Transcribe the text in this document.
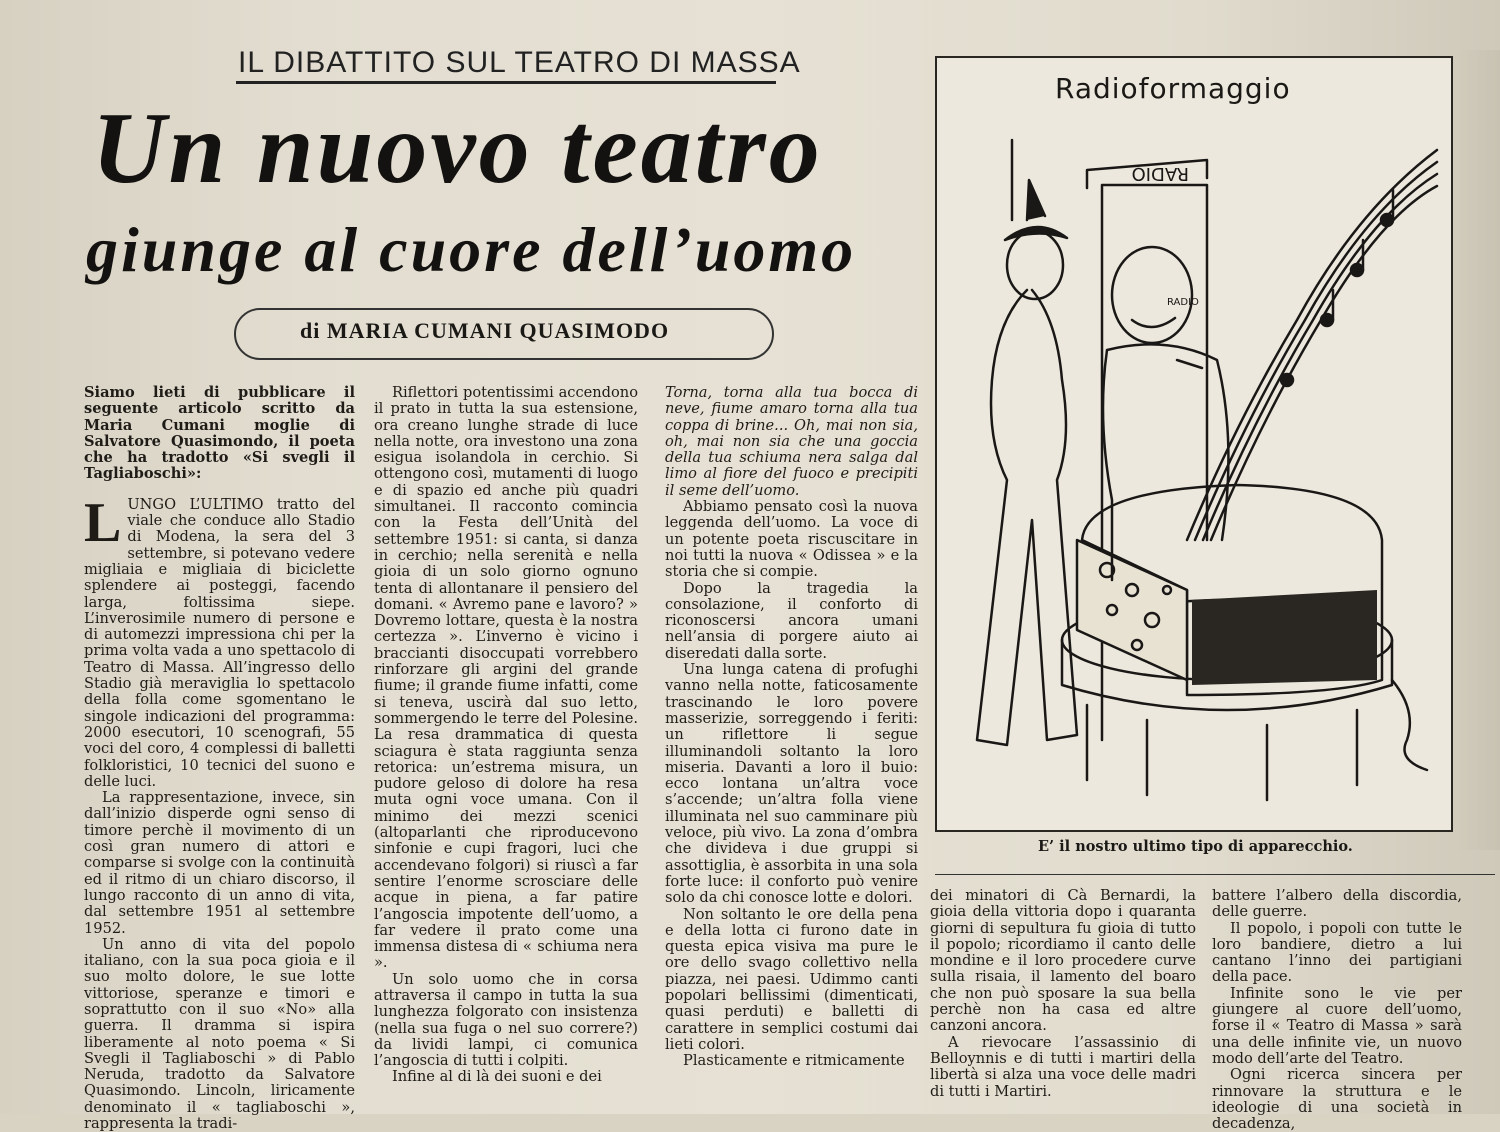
IL DIBATTITO SUL TEATRO DI MASSA
Un nuovo teatro
giunge al cuore dell’uomo
di MARIA CUMANI QUASIMODO

Siamo lieti di pubblicare il seguente articolo scritto da Maria Cumani moglie di Salvatore Quasimondo, il poeta che ha tradotto «Si svegli il Tagliaboschi»:

LUNGO L’ULTIMO tratto del viale che conduce allo Stadio di Modena, la sera del 3 settembre, si potevano vedere migliaia e migliaia di biciclette splendere ai posteggi, facendo larga, foltissima siepe. L’inverosimile numero di persone e di automezzi impressiona chi per la prima volta vada a uno spettacolo di Teatro di Massa. All’ingresso dello Stadio già meraviglia lo spettacolo della folla come sgomentano le singole indicazioni del programma: 2000 esecutori, 10 scenografi, 55 voci del coro, 4 complessi di balletti folkloristici, 10 tecnici del suono e delle luci.

La rappresentazione, invece, sin dall’inizio disperde ogni senso di timore perchè il movimento di un così gran numero di attori e comparse si svolge con la continuità ed il ritmo di un chiaro discorso, il lungo racconto di un anno di vita, dal settembre 1951 al settembre 1952.

Un anno di vita del popolo italiano, con la sua poca gioia e il suo molto dolore, le sue lotte vittoriose, speranze e timori e soprattutto con il suo «No» alla guerra. Il dramma si ispira liberamente al noto poema « Si Svegli il Tagliaboschi » di Pablo Neruda, tradotto da Salvatore Quasimondo. Lincoln, liricamente denominato il « tagliaboschi », rappresenta la tradi-

Riflettori potentissimi accendono il prato in tutta la sua estensione, ora creano lunghe strade di luce nella notte, ora investono una zona esigua isolandola in cerchio. Si ottengono così, mutamenti di luogo e di spazio ed anche più quadri simultanei. Il racconto comincia con la Festa dell’Unità del settembre 1951: si canta, si danza in cerchio; nella serenità e nella gioia di un solo giorno ognuno tenta di allontanare il pensiero del domani. « Avremo pane e lavoro? » Dovremo lottare, questa è la nostra certezza ». L’inverno è vicino i braccianti disoccupati vorrebbero rinforzare gli argini del grande fiume; il grande fiume infatti, come si teneva, uscirà dal suo letto, sommergendo le terre del Polesine. La resa drammatica di questa sciagura è stata raggiunta senza retorica: un’estrema misura, un pudore geloso di dolore ha resa muta ogni voce umana. Con il minimo dei mezzi scenici (altoparlanti che riproducevono sinfonie e cupi fragori, luci che accendevano folgori) si riuscì a far sentire l’enorme scrosciare delle acque in piena, a far patire l’angoscia impotente dell’uomo, a far vedere il prato come una immensa distesa di « schiuma nera ».

Un solo uomo che in corsa attraversa il campo in tutta la sua lunghezza folgorato con insistenza (nella sua fuga o nel suo correre?) da lividi lampi, ci comunica l’angoscia di tutti i colpiti.

Infine al di là dei suoni e dei

Torna, torna alla tua bocca di neve, fiume amaro torna alla tua coppa di brine... Oh, mai non sia, oh, mai non sia che una goccia della tua schiuma nera salga dal limo al fiore del fuoco e precipiti il seme dell’uomo.

Abbiamo pensato così la nuova leggenda dell’uomo. La voce di un potente poeta riscuscitare in noi tutti la nuova « Odissea » e la storia che si compie.

Dopo la tragedia la consolazione, il conforto di riconoscersi ancora umani nell’ansia di porgere aiuto ai diseredati dalla sorte.

Una lunga catena di profughi vanno nella notte, faticosamente trascinando le loro povere masserizie, sorreggendo i feriti: un riflettore li segue illuminandoli soltanto la loro miseria. Davanti a loro il buio: ecco lontana un’altra voce s’accende; un’altra folla viene illuminata nel suo camminare più veloce, più vivo. La zona d’ombra che divideva i due gruppi si assottiglia, è assorbita in una sola forte luce: il conforto può venire solo da chi conosce lotte e dolori.

Non soltanto le ore della pena e della lotta ci furono date in questa epica visiva ma pure le ore dello svago collettivo nella piazza, nei paesi. Udimmo canti popolari bellissimi (dimenticati, quasi perduti) e balletti di carattere in semplici costumi dai lieti colori.

Plasticamente e ritmicamente

dei minatori di Cà Bernardi, la gioia della vittoria dopo i quaranta giorni di sepultura fu gioia di tutto il popolo; ricordiamo il canto delle mondine e il loro procedere curve sulla risaia, il lamento del boaro che non può sposare la sua bella perchè non ha casa ed altre canzoni ancora.

A rievocare l’assassinio di Belloynnis e di tutti i martiri della libertà si alza una voce delle madri di tutti i Martiri.

battere l’albero della discordia, delle guerre.

Il popolo, i popoli con tutte le loro bandiere, dietro a lui cantano l’inno dei partigiani della pace.

Infinite sono le vie per giungere al cuore dell’uomo, forse il « Teatro di Massa » sarà una delle infinite vie, un nuovo modo dell’arte del Teatro.

Ogni ricerca sincera per rinnovare la struttura e le ideologie di una società in decadenza,

Radioformaggio
RADIO
RADIO
E’ il nostro ultimo tipo di apparecchio.
